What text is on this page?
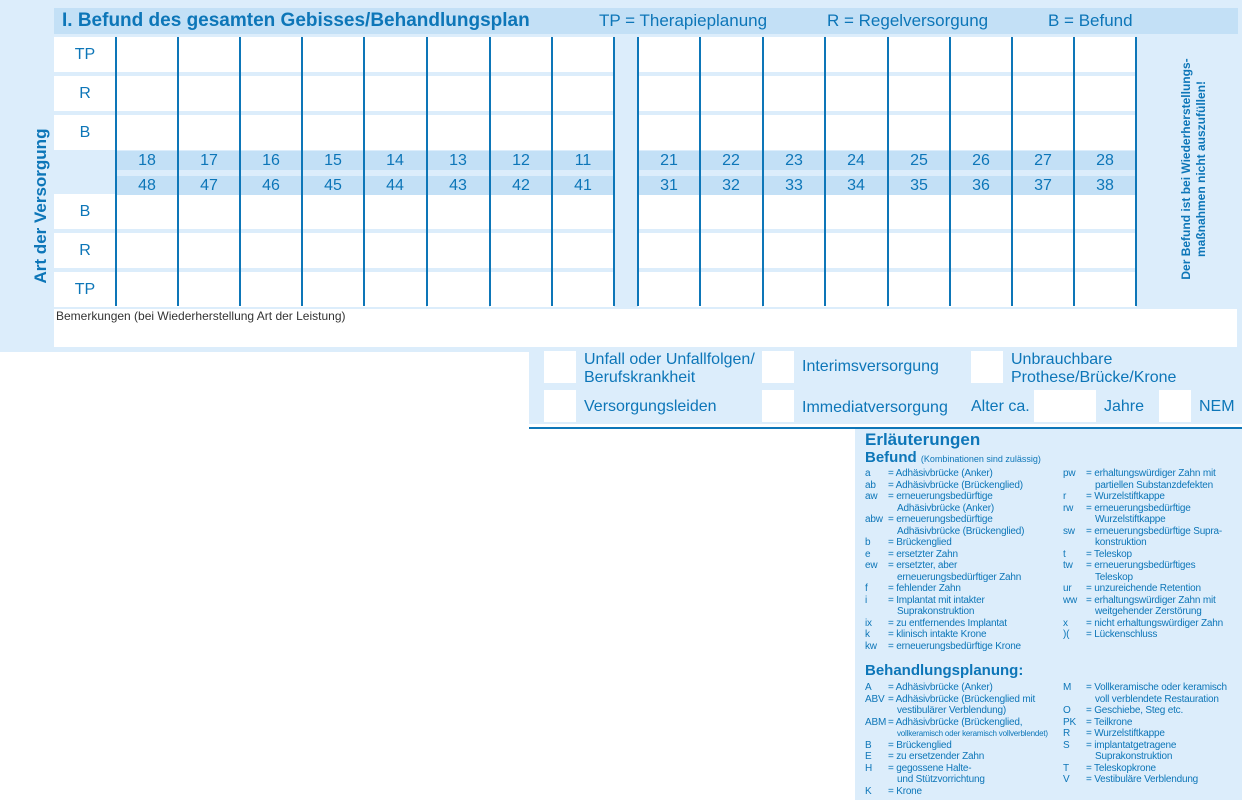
I. Befund des gesamten Gebisses/Behandlungsplan	TP = Therapieplanung	R = Regelversorgung	B = Befund
Art der Versorgung	Der Befund ist bei Wiederherstellungs- maßnahmen nicht auszufüllen!
TP
R
B
B
R
TP
18	17	16	15	14	13	12	11	21	22	23	24	25	26	27	28
48	47	46	45	44	43	42	41	31	32	33	34	35	36	37	38
Bemerkungen (bei Wiederherstellung Art der Leistung)
Unfall oder Unfallfolgen/
Berufskrankheit
Interimsversorgung	Unbrauchbare
Prothese/Brücke/Krone
Versorgungsleiden	Immediatversorgung Alter ca.	Jahre	NEM
Erläuterungen
Befund (Kombinationen sind zulässig)
a	= Adhäsivbrücke (Anker)
ab	= Adhäsivbrücke (Brückenglied)
aw	= erneuerungsbedürftige
Adhäsivbrücke (Anker)
abw = erneuerungsbedürftige
Adhäsivbrücke (Brückenglied)
b	= Brückenglied
e	= ersetzter Zahn
ew	= ersetzter, aber
erneuerungsbedürftiger Zahn
f	= fehlender Zahn
i	= Implantat mit intakter
Suprakonstruktion
ix	= zu entfernendes Implantat
k	= klinisch intakte Krone
kw	= erneuerungsbedürftige Krone
pw	= erhaltungswürdiger Zahn mit
partiellen Substanzdefekten
r	= Wurzelstiftkappe
rw	= erneuerungsbedürftige
Wurzelstiftkappe
sw	= erneuerungsbedürftige Supra-
konstruktion
t	= Teleskop
tw	= erneuerungsbedürftiges
Teleskop
ur	= unzureichende Retention
ww = erhaltungswürdiger Zahn mit
weitgehender Zerstörung
x	= nicht erhaltungswürdiger Zahn
)(	= Lückenschluss
Behandlungsplanung:
A	= Adhäsivbrücke (Anker)
ABV = Adhäsivbrücke (Brückenglied mit
vestibulärer Verblendung)
ABM = Adhäsivbrücke (Brückenglied,
vollkeramisch oder keramisch vollverblendet)
B	= Brückenglied
E	= zu ersetzender Zahn
H	= gegossene Halte-
und Stützvorrichtung
K	= Krone
M	= Vollkeramische oder keramisch
voll verblendete Restauration
O	= Geschiebe, Steg etc.
PK	= Teilkrone
R	= Wurzelstiftkappe
S	= implantatgetragene
Suprakonstruktion
T	= Teleskopkrone
V	= Vestibuläre Verblendung
